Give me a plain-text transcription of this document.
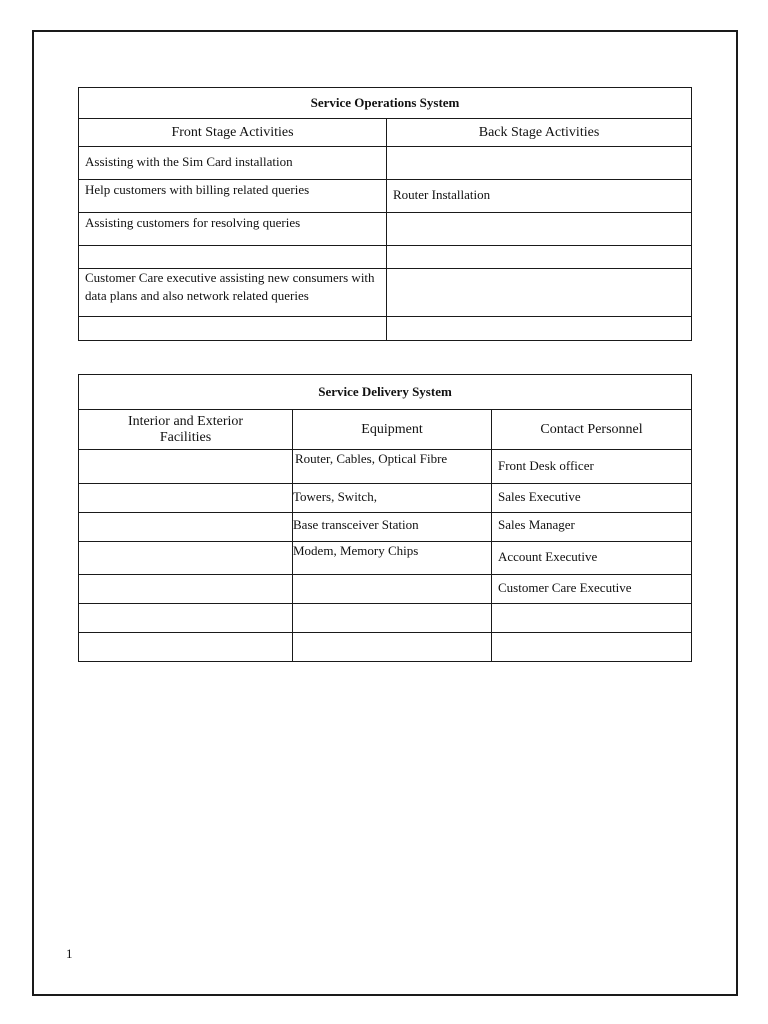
Service Operations System	
Front Stage Activities	Back Stage Activities

Assisting with the Sim Card installation	

Help customers with billing related queries	Router Installation

Assisting customers for resolving queries	

Customer Care executive assisting new consumers with data plans and also network related queries	

Service Delivery System		
Interior and Exterior Facilities	Equipment	Contact Personnel

	Router, Cables, Optical Fibre	Front Desk officer

	Towers, Switch,	Sales Executive

	Base transceiver Station	Sales Manager

	Modem, Memory Chips	Account Executive

		Customer Care Executive

1
